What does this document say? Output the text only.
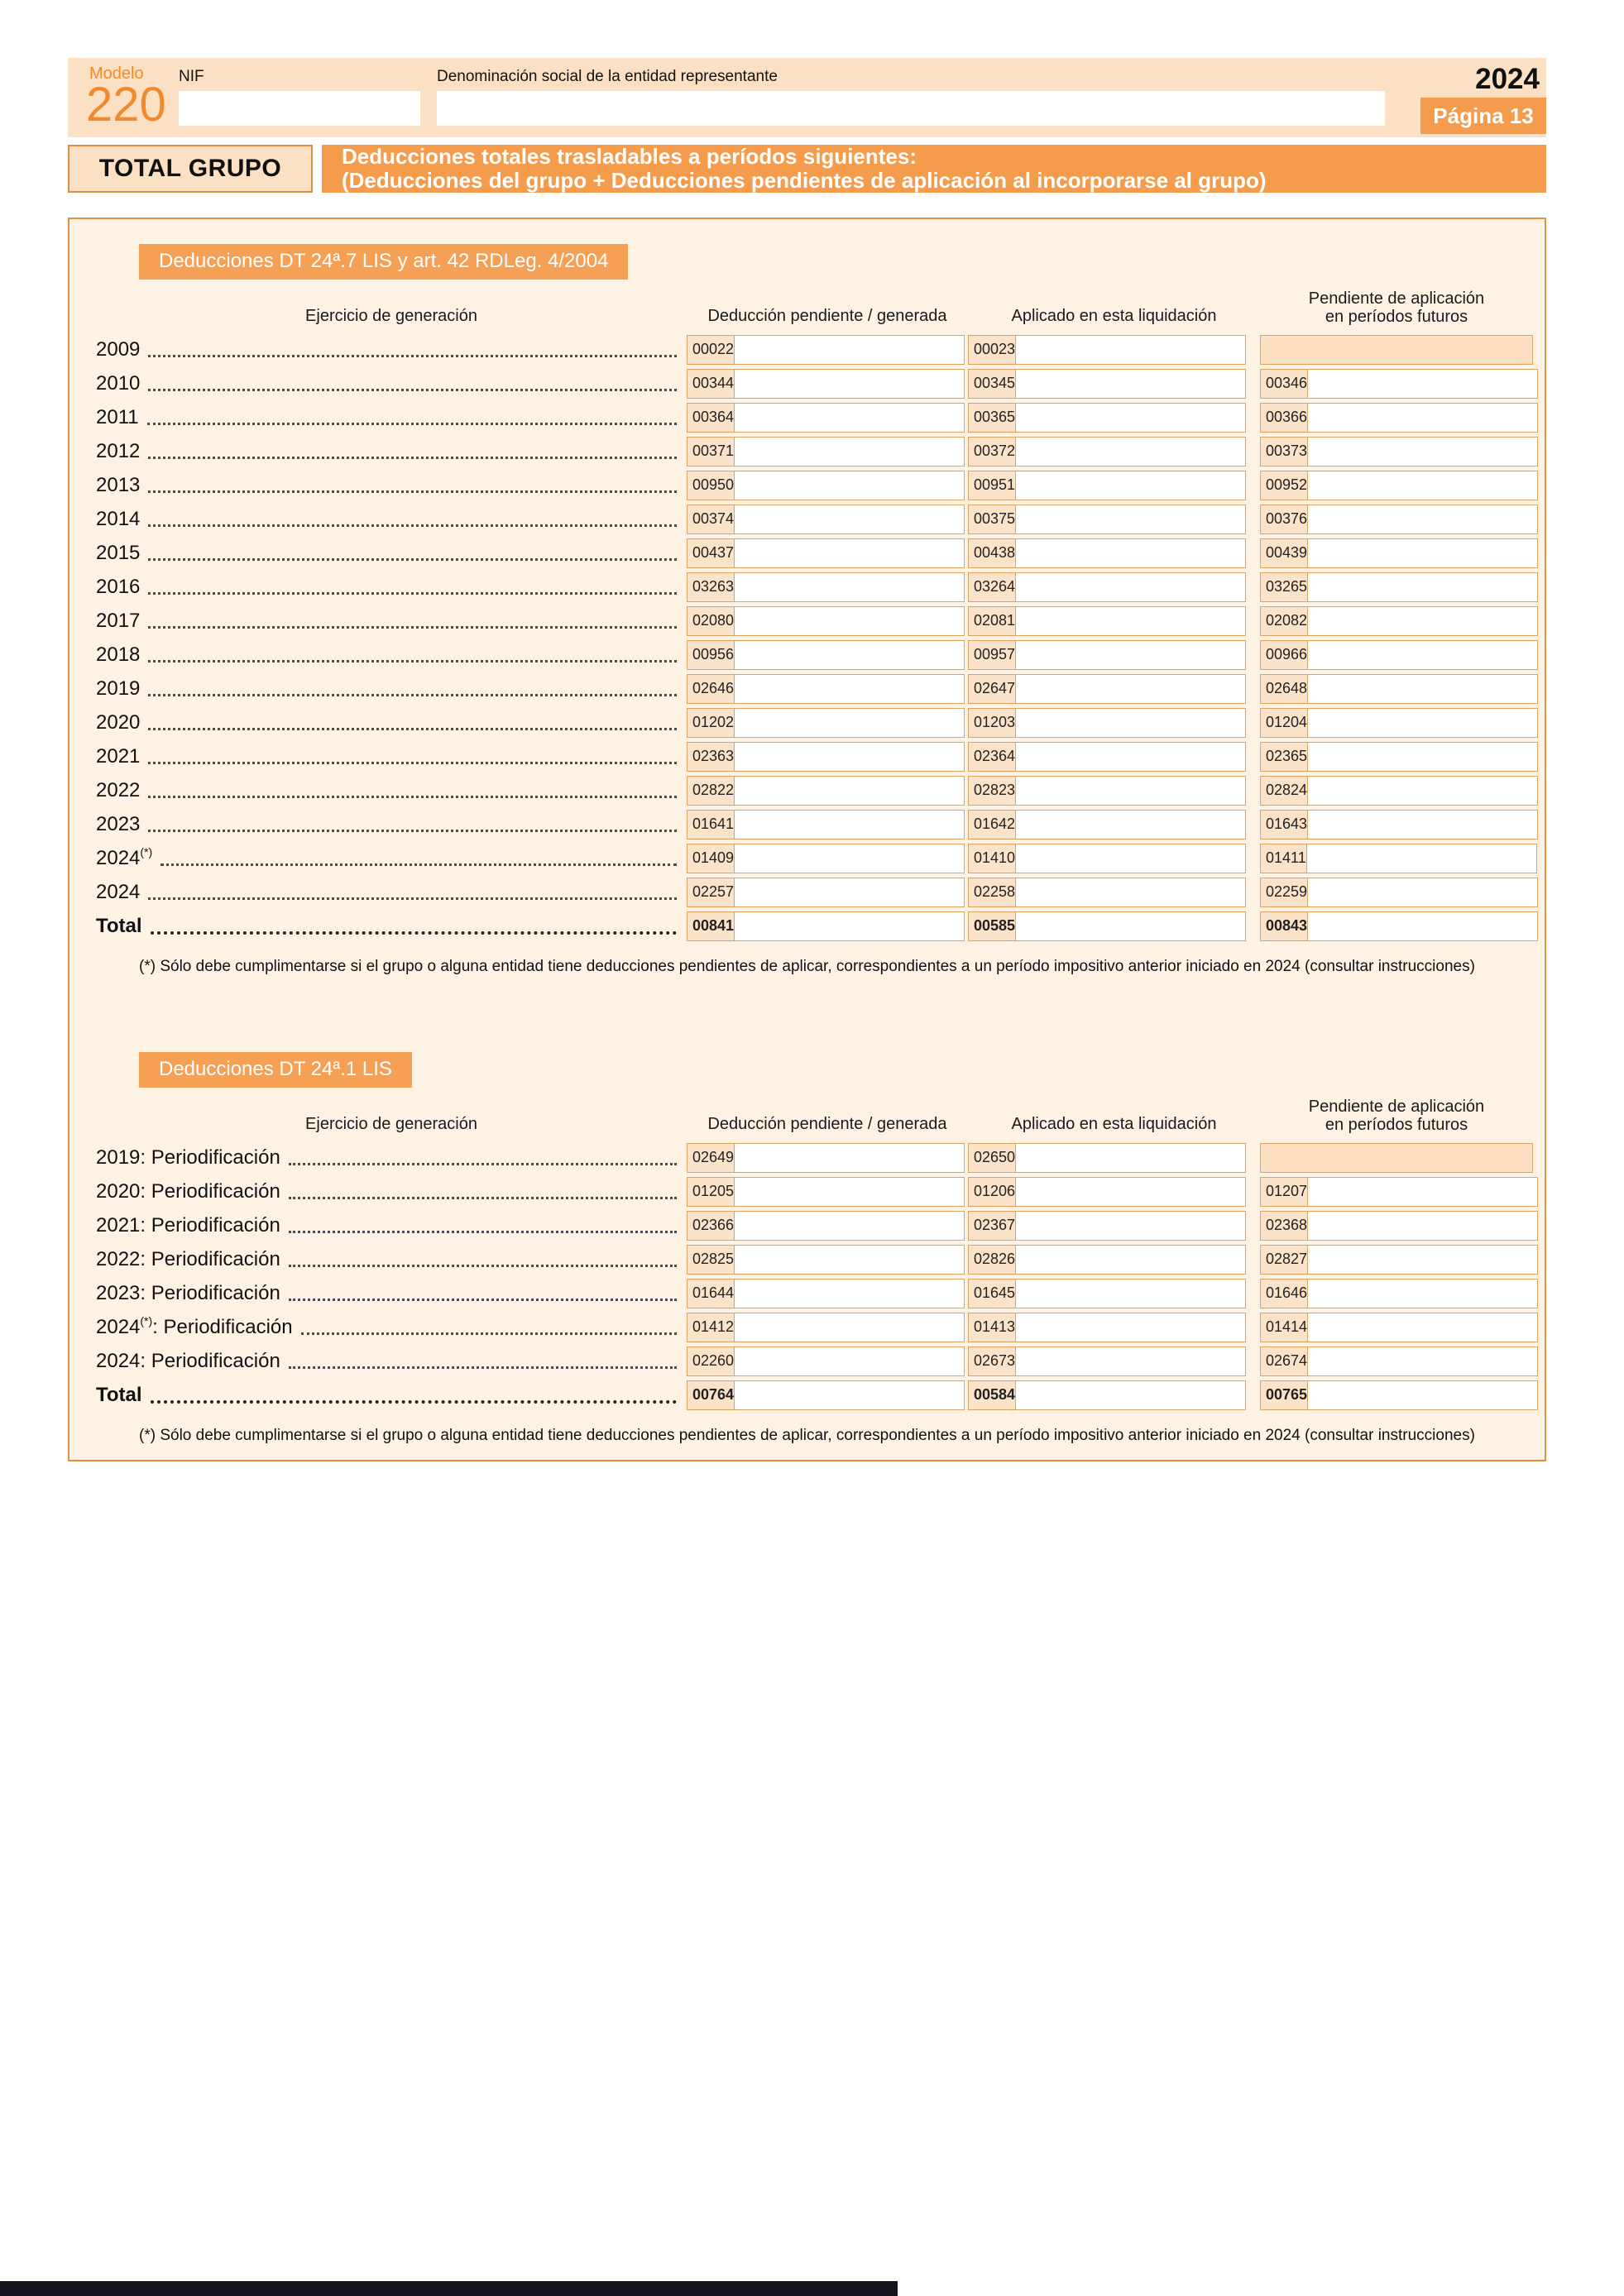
Modelo
220
NIF	Denominación social de la entidad representante	2024
Página 13
TOTAL GRUPO	Deducciones totales trasladables a períodos siguientes:
(Deducciones del grupo + Deducciones pendientes de aplicación al incorporarse al grupo)
Deducciones DT 24ª.7 LIS y art. 42 RDLeg. 4/2004
Ejercicio de generación	Deducción pendiente / generada	Aplicado en esta liquidación
Pendiente de aplicación
en períodos futuros
2009	00022	00023
2010	00344	00345	00346
2011	00364	00365	00366
2012	00371	00372	00373
2013	00950	00951	00952
2014	00374	00375	00376
2015	00437	00438	00439
2016	03263	03264	03265
2017	02080	02081	02082
2018	00956	00957	00966
2019	02646	02647	02648
2020	01202	01203	01204
2021	02363	02364	02365
2022	02822	02823	02824
2023	01641	01642	01643
2024(*)	01409	01410	01411
2024	02257	02258	02259
Total	00841	00585	00843
(*) Sólo debe cumplimentarse si el grupo o alguna entidad tiene deducciones pendientes de aplicar, correspondientes a un período impositivo anterior iniciado en 2024 (consultar instrucciones)
Deducciones DT 24ª.1 LIS
Ejercicio de generación	Deducción pendiente / generada	Aplicado en esta liquidación
Pendiente de aplicación
en períodos futuros
2019 : Periodificación	02649	02650
2020 : Periodificación	01205	01206	01207
2021 : Periodificación	02366	02367	02368
2022 : Periodificación	02825	02826	02827
2023 : Periodificación	01644	01645	01646
2024(*) : Periodificación	01412	01413	01414
2024 : Periodificación	02260	02673	02674
Total	00764	00584	00765
(*) Sólo debe cumplimentarse si el grupo o alguna entidad tiene deducciones pendientes de aplicar, correspondientes a un período impositivo anterior iniciado en 2024 (consultar instrucciones)
